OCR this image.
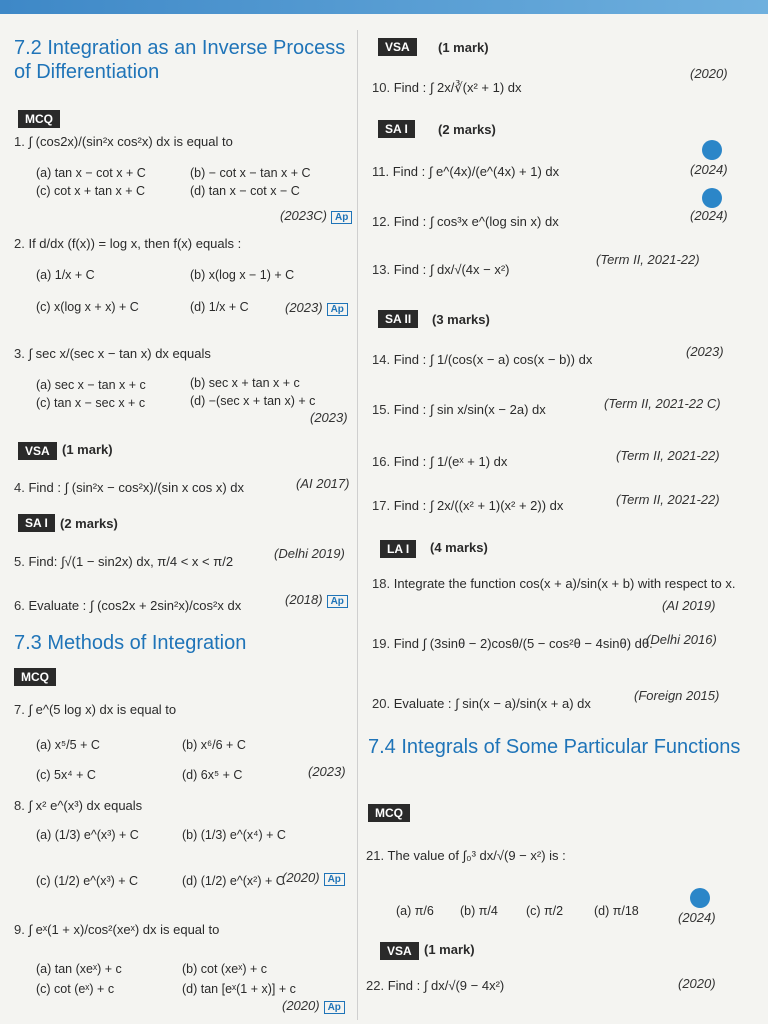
7.2 Integration as an Inverse Process of Differentiation
MCQ
1. ∫ (cos2x)/(sin²x cos²x) dx is equal to
(a) tan x − cot x + C	(b) − cot x − tan x + C
(c) cot x + tan x + C	(d) tan x − cot x − C
(2023C) Ap
2. If d/dx (f(x)) = log x, then f(x) equals :
(a) 1/x + C	(b) x(log x − 1) + C
(c) x(log x + x) + C	(d) 1/x + C	(2023) Ap
3. ∫ sec x/(sec x − tan x) dx equals
(a) sec x − tan x + c	(b) sec x + tan x + c
(c) tan x − sec x + c	(d) −(sec x + tan x) + c
(2023)
VSA (1 mark)
4. Find : ∫ (sin²x − cos²x)/(sin x cos x) dx	(AI 2017)
SA I (2 marks)
5. Find: ∫√(1 − sin2x) dx, π/4 < x < π/2
(Delhi 2019)
6. Evaluate : ∫ (cos2x + 2sin²x)/cos²x dx	(2018) Ap
7.3 Methods of Integration
MCQ
7. ∫ e^(5 log x) dx is equal to
(a) x⁵/5 + C	(b) x⁶/6 + C
(c) 5x⁴ + C	(d) 6x⁵ + C	(2023)
8. ∫ x² e^(x³) dx equals
(a) (1/3) e^(x³) + C	(b) (1/3) e^(x⁴) + C
(c) (1/2) e^(x³) + C	(d) (1/2) e^(x²) + C
(2020) Ap
9. ∫ eˣ(1 + x)/cos²(xeˣ) dx is equal to
(a) tan (xeˣ) + c	(b) cot (xeˣ) + c
(c) cot (eˣ) + c	(d) tan [eˣ(1 + x)] + c
(2020) Ap
VSA	(1 mark)
10. Find : ∫ 2x/∛(x² + 1) dx
(2020)
SA I	(2 marks)
11. Find : ∫ e^(4x)/(e^(4x) + 1) dx	(2024)
12. Find : ∫ cos³x e^(log sin x) dx	(2024)
13. Find : ∫ dx/√(4x − x²)
(Term II, 2021-22)
SA II	(3 marks)
14. Find : ∫ 1/(cos(x − a) cos(x − b)) dx
(2023)
15. Find : ∫ sin x/sin(x − 2a) dx	(Term II, 2021-22 C)
16. Find : ∫ 1/(eˣ + 1) dx	(Term II, 2021-22)
17. Find : ∫ 2x/((x² + 1)(x² + 2)) dx	(Term II, 2021-22)
LA I	(4 marks)
18. Integrate the function cos(x + a)/sin(x + b) with respect to x.
(AI 2019)
19. Find ∫ (3sinθ − 2)cosθ/(5 − cos²θ − 4sinθ) dθ.
(Delhi 2016)
20. Evaluate : ∫ sin(x − a)/sin(x + a) dx
(Foreign 2015)
7.4 Integrals of Some Particular Functions
MCQ
21. The value of ∫₀³ dx/√(9 − x²) is :
(a) π/6 (b) π/4 (c) π/2 (d) π/18	(2024)
VSA (1 mark)
22. Find : ∫ dx/√(9 − 4x²)	(2020)
